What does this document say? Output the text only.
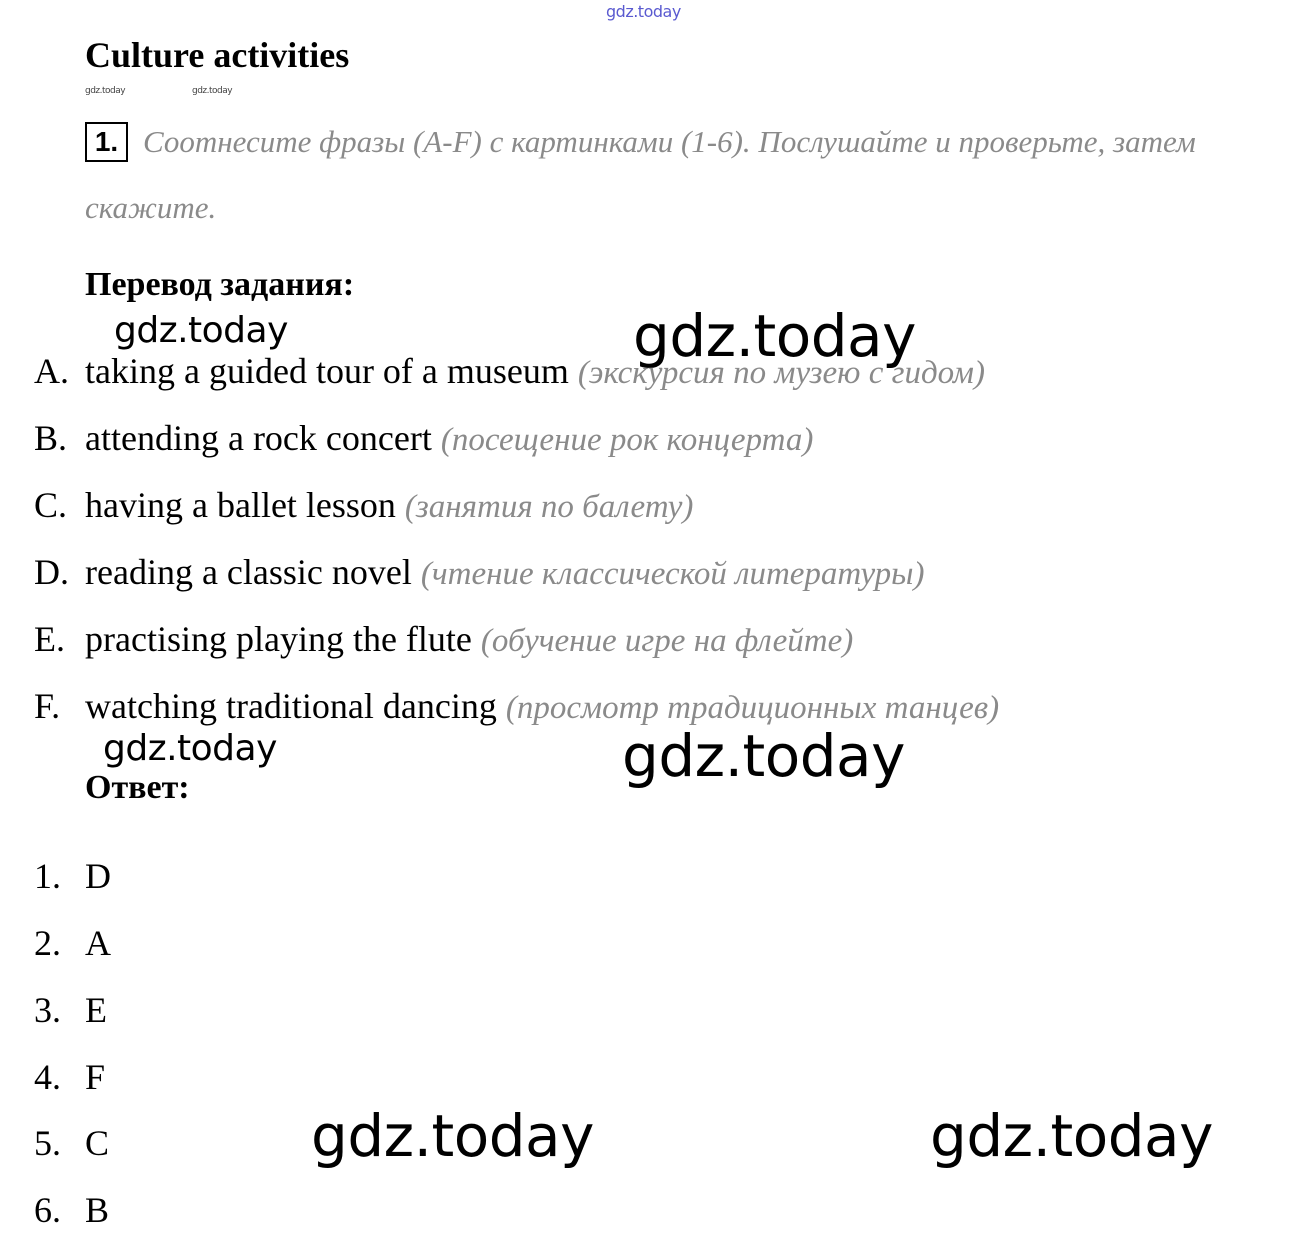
gdz.today
gdz.today	gdz.today
Culture activities
1. Соотнесите фразы (A-F) с картинками (1-6). Послушайте и проверьте, затем
скажите.
Перевод задания:
gdz.today	gdz.today
A. taking a guided tour of a museum (экскурсия по музею с гидом)
B. attending a rock concert (посещение рок концерта)
C. having a ballet lesson (занятия по балету)
D. reading a classic novel (чтение классической литературы)
E. practising playing the flute (обучение игре на флейте)
F. watching traditional dancing (просмотр традиционных танцев)
gdz.today	gdz.today
Ответ:
1. D
2. A
3. E
4. F
5. C
6. B
gdz.today	gdz.today
